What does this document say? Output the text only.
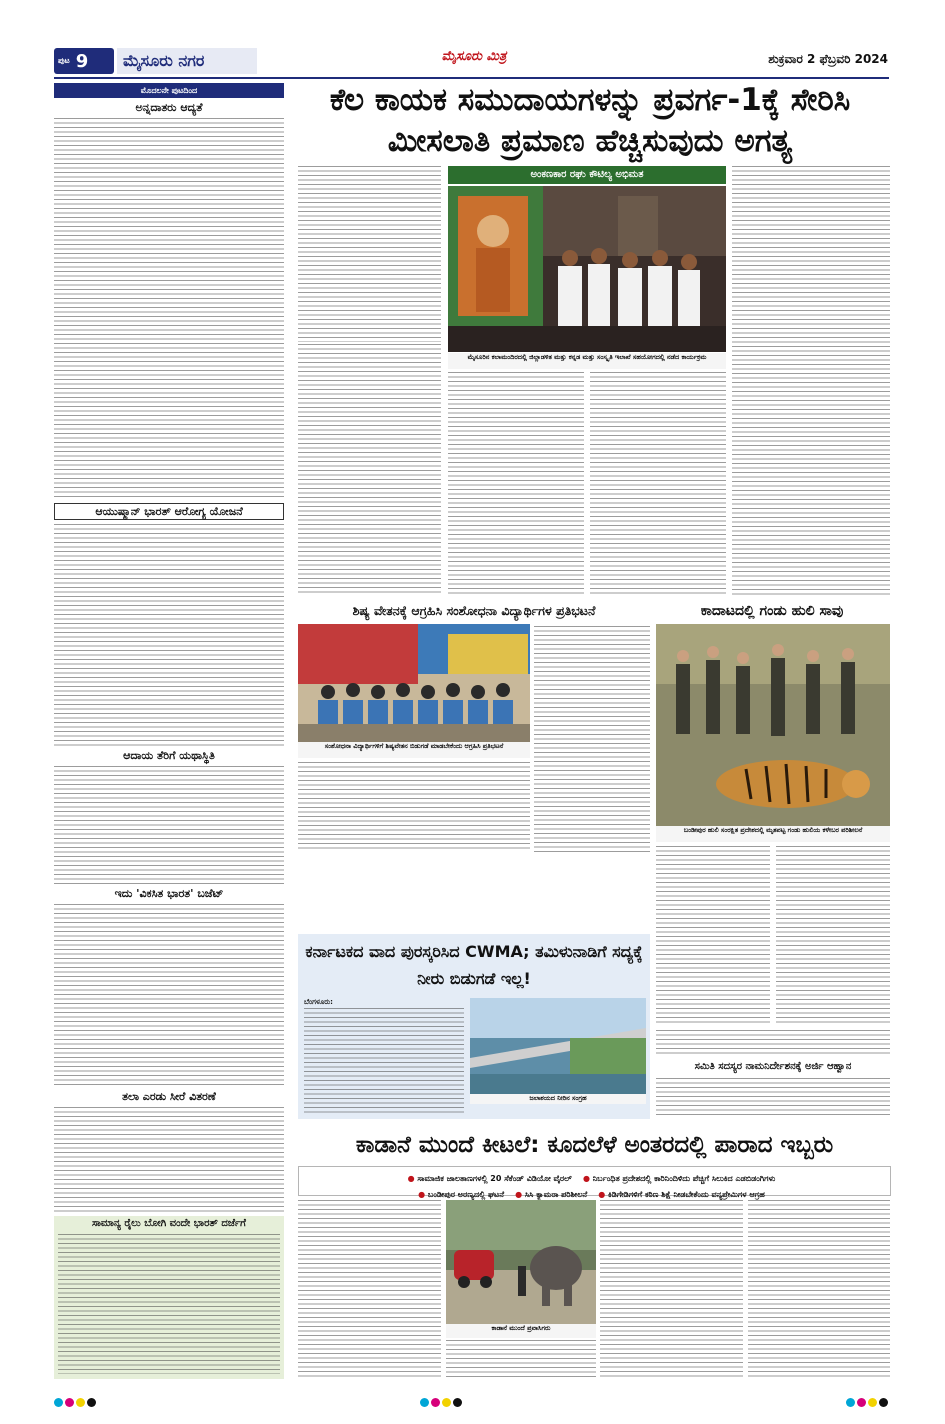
ಪುಟ 9	ಮೈಸೂರು ನಗರ	ಮೈಸೂರು ಮಿತ್ರ	ಶುಕ್ರವಾರ 2 ಫೆಬ್ರವರಿ 2024
ಕೆಲ ಕಾಯಕ ಸಮುದಾಯಗಳನ್ನು ಪ್ರವರ್ಗ-1ಕ್ಕೆ ಸೇರಿಸಿ ಮೀಸಲಾತಿ ಪ್ರಮಾಣ ಹೆಚ್ಚಿಸುವುದು ಅಗತ್ಯ
ಮೊದಲನೇ ಪುಟದಿಂದ
ಅನ್ನದಾತರು ಆದ್ಯತೆ
ಆಯುಷ್ಮಾನ್ ಭಾರತ್ ಆರೋಗ್ಯ ಯೋಜನೆ
ಆದಾಯ ತೆರಿಗೆ ಯಥಾಸ್ಥಿತಿ
ಇದು 'ವಿಕಸಿತ ಭಾರತ' ಬಜೆಟ್
ತಲಾ ಎರಡು ಸೀರೆ ವಿತರಣೆ
ಸಾಮಾನ್ಯ ರೈಲು ಬೋಗಿ ವಂದೇ ಭಾರತ್ ದರ್ಜೆಗೆ
ಅಂಕಣಕಾರ ರಘು ಕೌಟಿಲ್ಯ ಅಭಿಮತ
ಮೈಸೂರಿನ ಕಲಾಮಂದಿರದಲ್ಲಿ ಜಿಲ್ಲಾಡಳಿತ ಮತ್ತು ಕನ್ನಡ ಮತ್ತು ಸಂಸ್ಕೃತಿ ಇಲಾಖೆ ಸಹಯೋಗದಲ್ಲಿ ನಡೆದ ಕಾರ್ಯಕ್ರಮ
ಶಿಷ್ಯ ವೇತನಕ್ಕೆ ಆಗ್ರಹಿಸಿ ಸಂಶೋಧನಾ ವಿದ್ಯಾರ್ಥಿಗಳ ಪ್ರತಿಭಟನೆ
ಸಂಶೋಧನಾ ವಿದ್ಯಾರ್ಥಿಗಳಿಗೆ ಶಿಷ್ಯವೇತನ ಬಿಡುಗಡೆ ಮಾಡಬೇಕೆಂದು ಆಗ್ರಹಿಸಿ ಪ್ರತಿಭಟನೆ
ಕಾದಾಟದಲ್ಲಿ ಗಂಡು ಹುಲಿ ಸಾವು
ಬಂಡೀಪುರ ಹುಲಿ ಸಂರಕ್ಷಿತ ಪ್ರದೇಶದಲ್ಲಿ ಮೃತಪಟ್ಟ ಗಂಡು ಹುಲಿಯ ಕಳೇಬರ ಪರಿಶೀಲನೆ
ಕರ್ನಾಟಕದ ವಾದ ಪುರಸ್ಕರಿಸಿದ CWMA; ತಮಿಳುನಾಡಿಗೆ ಸದ್ಯಕ್ಕೆ ನೀರು ಬಿಡುಗಡೆ ಇಲ್ಲ!
ಬೆಂಗಳೂರು:
ಜಲಾಶಯದ ನೀರಿನ ಸಂಗ್ರಹ
ಸಮಿತಿ ಸದಸ್ಯರ ನಾಮನಿರ್ದೇಶನಕ್ಕೆ ಅರ್ಜಿ ಆಹ್ವಾನ
ಕಾಡಾನೆ ಮುಂದೆ ಕೀಟಲೆ: ಕೂದಲೆಳೆ ಅಂತರದಲ್ಲಿ ಪಾರಾದ ಇಬ್ಬರು
● ಸಾಮಾಜಿಕ ಜಾಲತಾಣಗಳಲ್ಲಿ 20 ಸೆಕೆಂಡ್ ವಿಡಿಯೋ ವೈರಲ್ ● ನಿರ್ಬಂಧಿತ ಪ್ರದೇಶದಲ್ಲಿ ಕಾರಿನಿಂದಿಳಿದು ಪೆಚ್ಚಿಗೆ ಸಿಲುಕಿದ ಎಡಬಿಡಂಗಿಗಳು
● ಬಂಡೀಪುರ ಅರಣ್ಯದಲ್ಲಿ ಘಟನೆ ● ಸಿಸಿ ಕ್ಯಾಮರಾ ಪರಿಶೀಲನೆ ● ಕಿಡಿಗೇಡಿಗಳಿಗೆ ಕಠಿಣ ಶಿಕ್ಷೆ ನೀಡಬೇಕೆಂದು ವನ್ಯಪ್ರೇಮಿಗಳ ಆಗ್ರಹ
ಕಾಡಾನೆ ಮುಂದೆ ಪ್ರವಾಸಿಗರು
